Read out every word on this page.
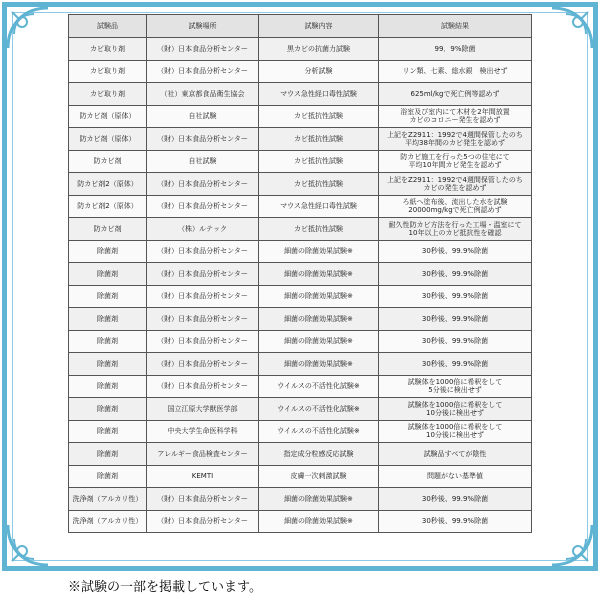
試験品	試験場所	試験内容	試験結果

カビ取り剤	（財）日本食品分析センター	黒カビの抗菌力試験	99．9%除菌

カビ取り剤	（財）日本食品分析センター	分析試験	リン類、七素、総水銀　検出せず

カビ取り剤	（社）東京都食品衛生協会	マウス急性経口毒性試験	625ml/kgで死亡例等認めず

防カビ剤（原体）	自社試験	カビ抵抗性試験	浴室及び室内にて木材を2年間放置
カビのコロニー発生を認めず

防カビ剤（原体）	（財）日本食品分析センター	カビ抵抗性試験	上記をZ2911：1992で4週間保管したのち
平均38年間のカビ発生を認めず

防カビ剤	自社試験	カビ抵抗性試験	防カビ施工を行った5つの住宅にて
平均10年間カビ発生を認めず

防カビ剤2（原体）	（財）日本食品分析センター	カビ抵抗性試験	上記をZ2911：1992で4週間保管したのち
カビの発生を認めず

防カビ剤2（原体）	（財）日本食品分析センター	マウス急性経口毒性試験	ろ紙へ塗布後、流出した水を試験
20000mg/kgで死亡例認めず

防カビ剤	（株）ルテック	カビ抵抗性試験	耐久性防カビ方法を行った工場・温室にて
10年以上のカビ抵抗性を確認

除菌剤	（財）日本食品分析センター	細菌の除菌効果試験※	30秒後、99.9%除菌

除菌剤	（財）日本食品分析センター	細菌の除菌効果試験※	30秒後、99.9%除菌

除菌剤	（財）日本食品分析センター	細菌の除菌効果試験※	30秒後、99.9%除菌

除菌剤	（財）日本食品分析センター	細菌の除菌効果試験※	30秒後、99.9%除菌

除菌剤	（財）日本食品分析センター	細菌の除菌効果試験※	30秒後、99.9%除菌

除菌剤	（財）日本食品分析センター	細菌の除菌効果試験※	30秒後、99.9%除菌

除菌剤	（財）日本食品分析センター	ウイルスの不活性化試験※	試験体を1000倍に希釈をして
5分後に検出せず

除菌剤	国立江原大学獣医学部	ウイルスの不活性化試験※	試験体を1000倍に希釈をして
10分後に検出せず

除菌剤	中央大学生命医科学科	ウイルスの不活性化試験※	試験体を1000倍に希釈をして
10分後に検出せず

除菌剤	アレルギー食品検査センター	指定成分粒感反応試験	試験品すべてが陰性

除菌剤	KEMTI	皮膚一次刺激試験	問題がない基準値

洗浄剤（アルカリ性）	（財）日本食品分析センター	細菌の除菌効果試験※	30秒後、99.9%除菌

洗浄剤（アルカリ性）	（財）日本食品分析センター	細菌の除菌効果試験※	30秒後、99.9%除菌
※試験の一部を掲載しています。
